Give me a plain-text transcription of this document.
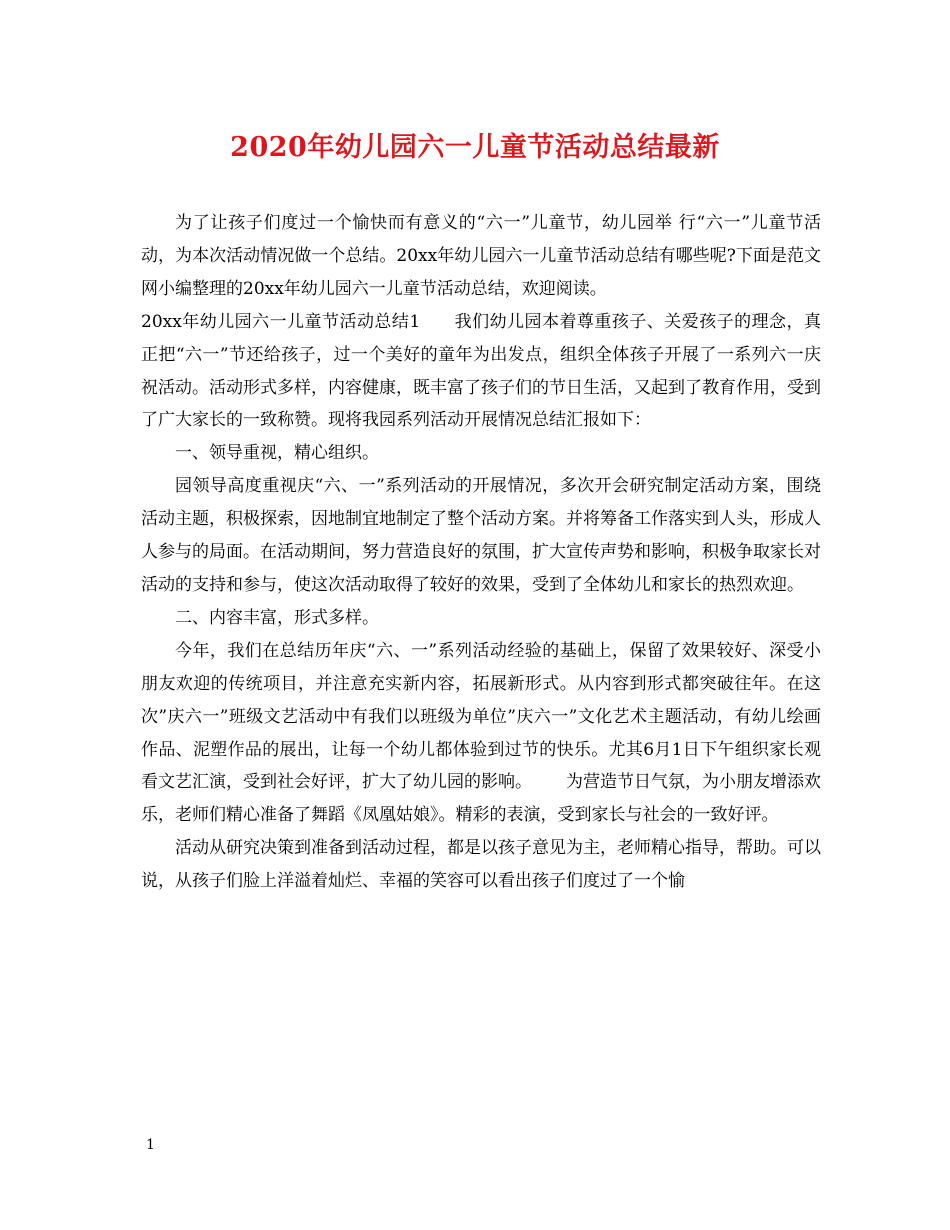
2020年幼儿园六一儿童节活动总结最新

为了让孩子们度过一个愉快而有意义的“六一”儿童节，幼儿园举 行“六一”儿童节活动，为本次活动情况做一个总结。20xx年幼儿园六一儿童节活动总结有哪些呢?下面是范文网小编整理的20xx年幼儿园六一儿童节活动总结，欢迎阅读。

20xx年幼儿园六一儿童节活动总结1 我们幼儿园本着尊重孩子、关爱孩子的理念，真正把“六一”节还给孩子，过一个美好的童年为出发点，组织全体孩子开展了一系列六一庆祝活动。活动形式多样，内容健康，既丰富了孩子们的节日生活，又起到了教育作用，受到了广大家长的一致称赞。现将我园系列活动开展情况总结汇报如下：

一、领导重视，精心组织。

园领导高度重视庆“六、一”系列活动的开展情况，多次开会研究制定活动方案，围绕活动主题，积极探索，因地制宜地制定了整个活动方案。并将筹备工作落实到人头，形成人人参与的局面。在活动期间，努力营造良好的氛围，扩大宣传声势和影响，积极争取家长对活动的支持和参与，使这次活动取得了较好的效果，受到了全体幼儿和家长的热烈欢迎。

二、内容丰富，形式多样。

今年，我们在总结历年庆“六、一”系列活动经验的基础上，保留了效果较好、深受小朋友欢迎的传统项目，并注意充实新内容，拓展新形式。从内容到形式都突破往年。在这次”庆六一”班级文艺活动中有我们以班级为单位”庆六一”文化艺术主题活动，有幼儿绘画作品、泥塑作品的展出，让每一个幼儿都体验到过节的快乐。尤其6月1日下午组织家长观看文艺汇演，受到社会好评，扩大了幼儿园的影响。 为营造节日气氛，为小朋友增添欢乐，老师们精心准备了舞蹈《凤凰姑娘》。精彩的表演，受到家长与社会的一致好评。

活动从研究决策到准备到活动过程，都是以孩子意见为主，老师精心指导，帮助。可以说，从孩子们脸上洋溢着灿烂、幸福的笑容可以看出孩子们度过了一个愉

1
